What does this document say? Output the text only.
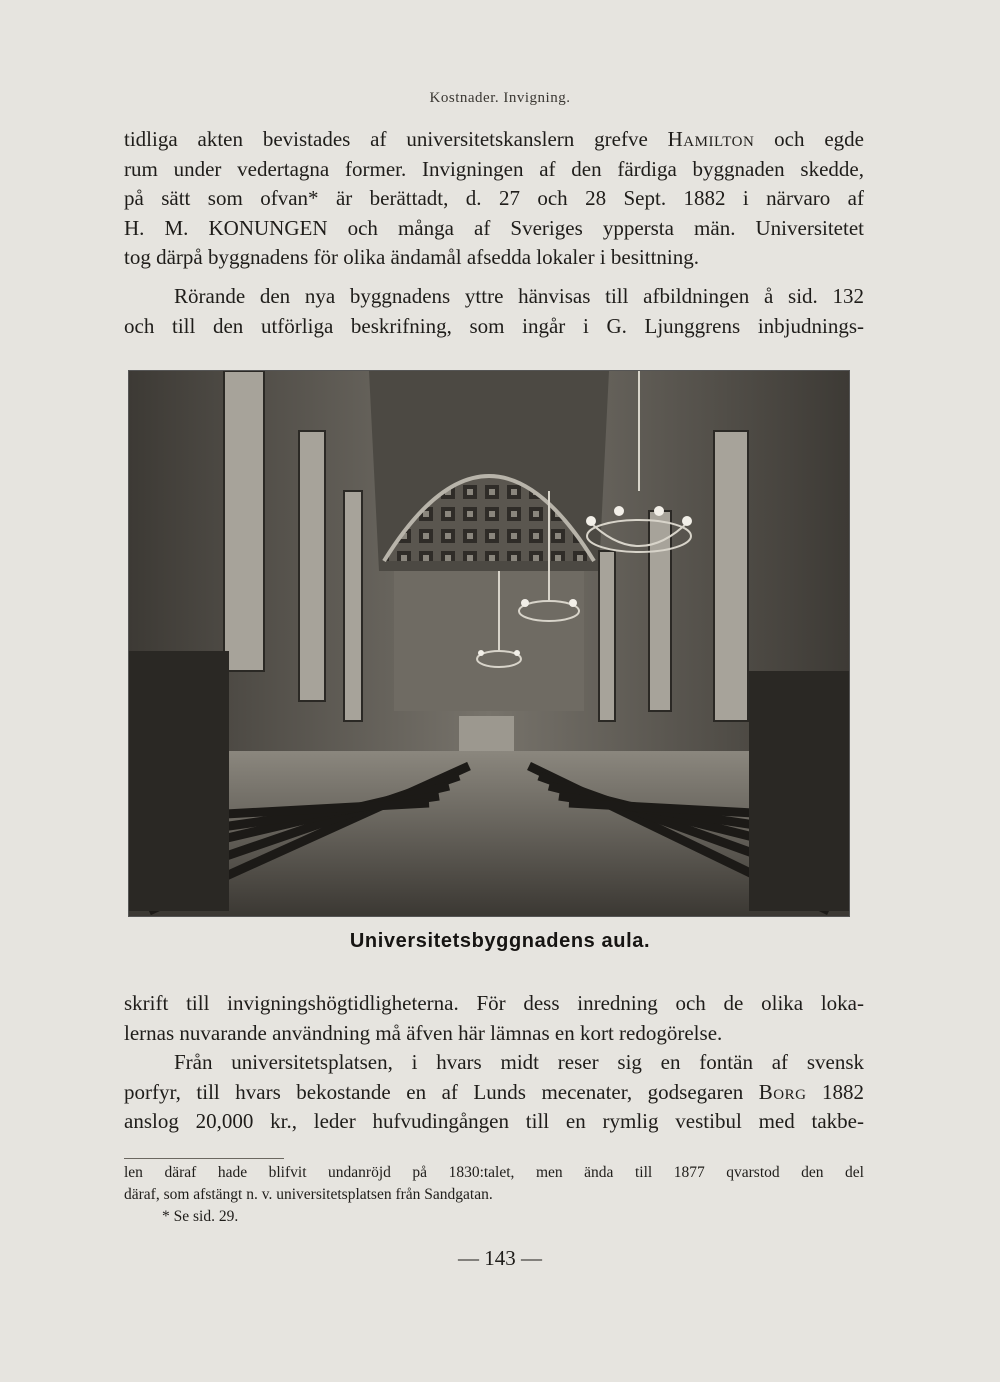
Kostnader. Invigning.

tidliga akten bevistades af universitetskanslern grefve Hamilton och egde
rum under vedertagna former. Invigningen af den färdiga byggnaden skedde,
på sätt som ofvan* är berättadt, d. 27 och 28 Sept. 1882 i närvaro af
H. M. KONUNGEN och många af Sveriges yppersta män. Universitetet
tog därpå byggnadens för olika ändamål afsedda lokaler i besittning.

Rörande den nya byggnadens yttre hänvisas till afbildningen å sid. 132
och till den utförliga beskrifning, som ingår i G. Ljunggrens inbjudnings-

Universitetsbyggnadens aula.

skrift till invigningshögtidligheterna. För dess inredning och de olika loka-
lernas nuvarande användning må äfven här lämnas en kort redogörelse.

Från universitetsplatsen, i hvars midt reser sig en fontän af svensk
porfyr, till hvars bekostande en af Lunds mecenater, godsegaren Borg 1882
anslog 20,000 kr., leder hufvudingången till en rymlig vestibul med takbe-

len däraf hade blifvit undanröjd på 1830:talet, men ända till 1877 qvarstod den del
däraf, som afstängt n. v. universitetsplatsen från Sandgatan.
* Se sid. 29.

— 143 —
